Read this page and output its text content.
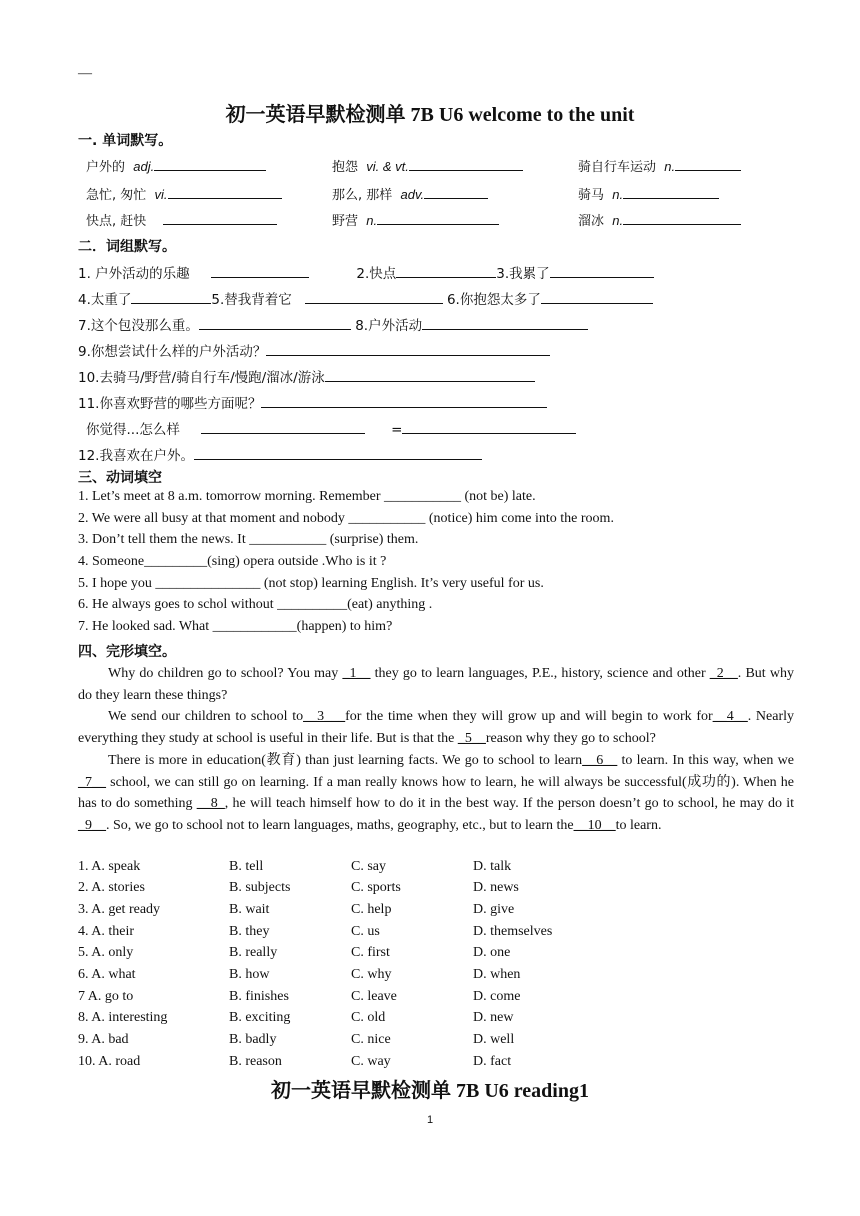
—
初一英语早默检测单 7B U6 welcome to the unit
一. 单词默写。
户外的 adj.	抱怨 vi. & vt.	骑自行车运动 n.
急忙, 匆忙 vi.	那么, 那样 adv.	骑马 n.
快点, 赶快	野营 n.	溜冰 n.
二．词组默写。
1. 户外活动的乐趣	2.快点	3.我累了
4.太重了	5.替我背着它	6.你抱怨太多了
7.这个包没那么重。	8.户外活动
9.你想尝试什么样的户外活动？
10.去骑马/野营/骑自行车/慢跑/溜冰/游泳
11.你喜欢野营的哪些方面呢？
你觉得...怎么样	=
12.我喜欢在户外。
三、动词填空
1. Let’s meet at 8 a.m. tomorrow morning. Remember ___________ (not be) late.
2. We were all busy at that moment and nobody ___________ (notice) him come into the room.
3. Don’t tell them the news. It ___________ (surprise) them.
4. Someone_________(sing) opera outside .Who is it ?
5. I hope you _______________ (not stop) learning English. It’s very useful for us.
6. He always goes to schol without __________(eat) anything .
7. He looked sad. What ____________(happen) to him?
四、完形填空。
Why do children go to school? You may _1__ they go to learn languages, P.E., history, science and other _2__. But why do they learn these things?
We send our children to school to__3___for the time when they will grow up and will begin to work for__4__. Nearly everything they study at school is useful in their life. But is that the _5__reason why they go to school?
There is more in education(教育) than just learning facts. We go to school to learn__6__ to learn. In this way, when we _7__ school, we can still go on learning. If a man really knows how to learn, he will always be successful(成功的). When he has to do something __8_, he will teach himself how to do it in the best way. If the person doesn’t go to school, he may do it _9__. So, we go to school not to learn languages, maths, geography, etc., but to learn the__10__to learn.
1. A. speak	B. tell	C. say	D. talk
2. A. stories	B. subjects	C. sports	D. news
3. A. get ready	B. wait	C. help	D. give
4. A. their	B. they	C. us	D. themselves
5. A. only	B. really	C. first	D. one
6. A. what	B. how	C. why	D. when
7 A. go to	B. finishes	C. leave	D. come
8. A. interesting	B. exciting	C. old	D. new
9. A. bad	B. badly	C. nice	D. well
10. A. road	B. reason	C. way	D. fact
初一英语早默检测单 7B U6 reading1
1
